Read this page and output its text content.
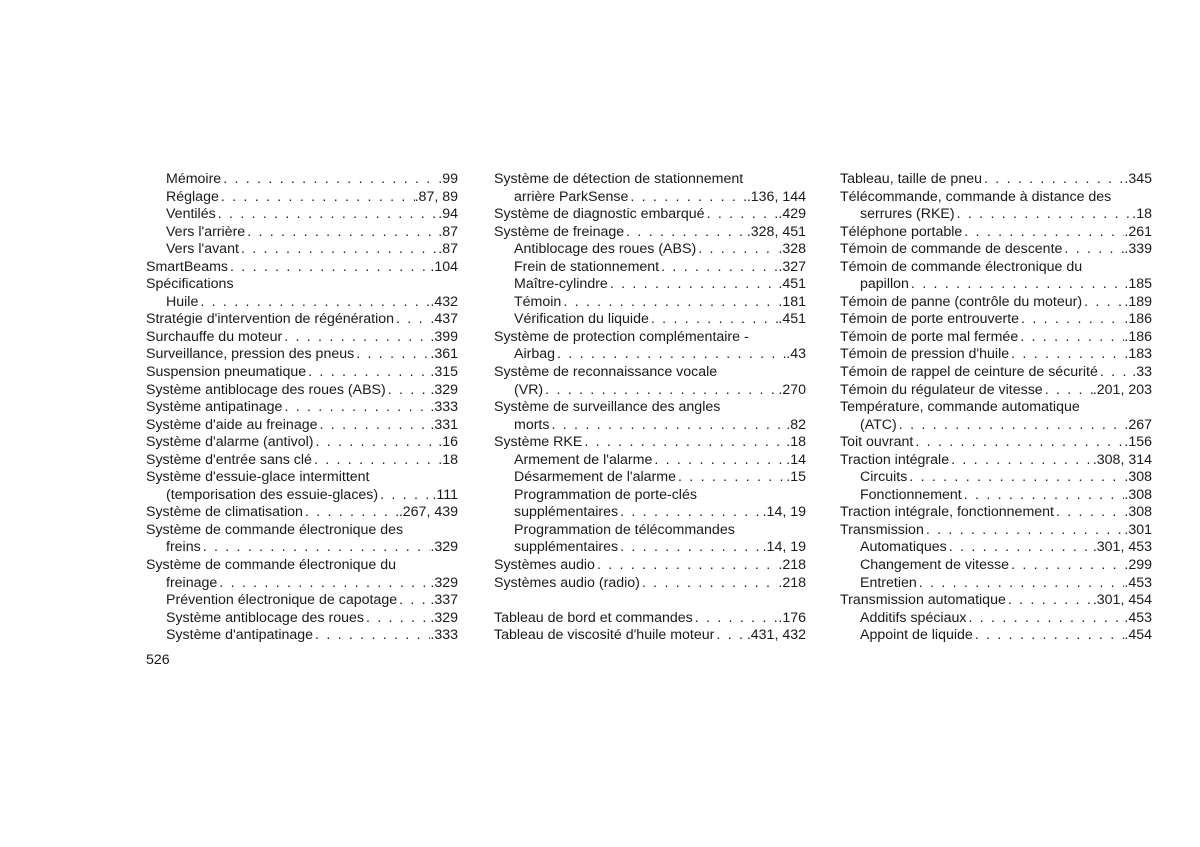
Mémoire . . .	.99
Réglage . . .	.87, 89
Ventilés . . .	.94
Vers l'arrière . . .	.87
Vers l'avant . . .	.87
SmartBeams . . .	.104
Spécifications
Huile . . .	.432
Stratégie d'intervention de régénération . . .	.437
Surchauffe du moteur . . .	.399
Surveillance, pression des pneus . . .	.361
Suspension pneumatique . . .	.315
Système antiblocage des roues (ABS) . . .	.329
Système antipatinage . . .	.333
Système d'aide au freinage . . .	.331
Système d'alarme (antivol) . . .	.16
Système d'entrée sans clé . . .	.18
Système d'essuie-glace intermittent
(temporisation des essuie-glaces) . . .	.111
Système de climatisation . . .	.267, 439
Système de commande électronique des
freins . . .	.329
Système de commande électronique du
freinage . . .	.329
Prévention électronique de capotage . . . .337
Système antiblocage des roues . . .	.329
Système d'antipatinage . . .	.333
Système de détection de stationnement
arrière ParkSense . . .	.136, 144
Système de diagnostic embarqué . . .	.429
Système de freinage . . .	.328, 451
Antiblocage des roues (ABS) . . .	.328
Frein de stationnement . . .	.327
Maître-cylindre . . .	.451
Témoin . . .	.181
Vérification du liquide . . .	.451
Système de protection complémentaire -
Airbag . . .	.43
Système de reconnaissance vocale
(VR) . . .	.270
Système de surveillance des angles
morts . . .	.82
Système RKE . . .	.18
Armement de l'alarme . . .	.14
Désarmement de l'alarme . . .	.15
Programmation de porte-clés
supplémentaires . . .	.14, 19
Programmation de télécommandes
supplémentaires . . .	.14, 19
Systèmes audio . . .	.218
Systèmes audio (radio) . . .	.218
Tableau de bord et commandes . . .	.176
Tableau de viscosité d'huile moteur . . . .431, 432
Tableau, taille de pneu . . .	.345
Télécommande, commande à distance des
serrures (RKE) . . .	.18
Téléphone portable . . .	.261
Témoin de commande de descente . . .	.339
Témoin de commande électronique du
papillon . . .	.185
Témoin de panne (contrôle du moteur) . . .	.189
Témoin de porte entrouverte . . .	.186
Témoin de porte mal fermée . . .	.186
Témoin de pression d'huile . . .	.183
Témoin de rappel de ceinture de sécurité . . . .33
Témoin du régulateur de vitesse . . .	.201, 203
Température, commande automatique
(ATC) . . .	.267
Toit ouvrant . . .	.156
Traction intégrale . . .	.308, 314
Circuits . . .	.308
Fonctionnement . . .	.308
Traction intégrale, fonctionnement . . .	.308
Transmission . . .	.301
Automatiques . . .	.301, 453
Changement de vitesse . . .	.299
Entretien . . .	.453
Transmission automatique . . .	.301, 454
Additifs spéciaux . . .	.453
Appoint de liquide . . .	.454
526
